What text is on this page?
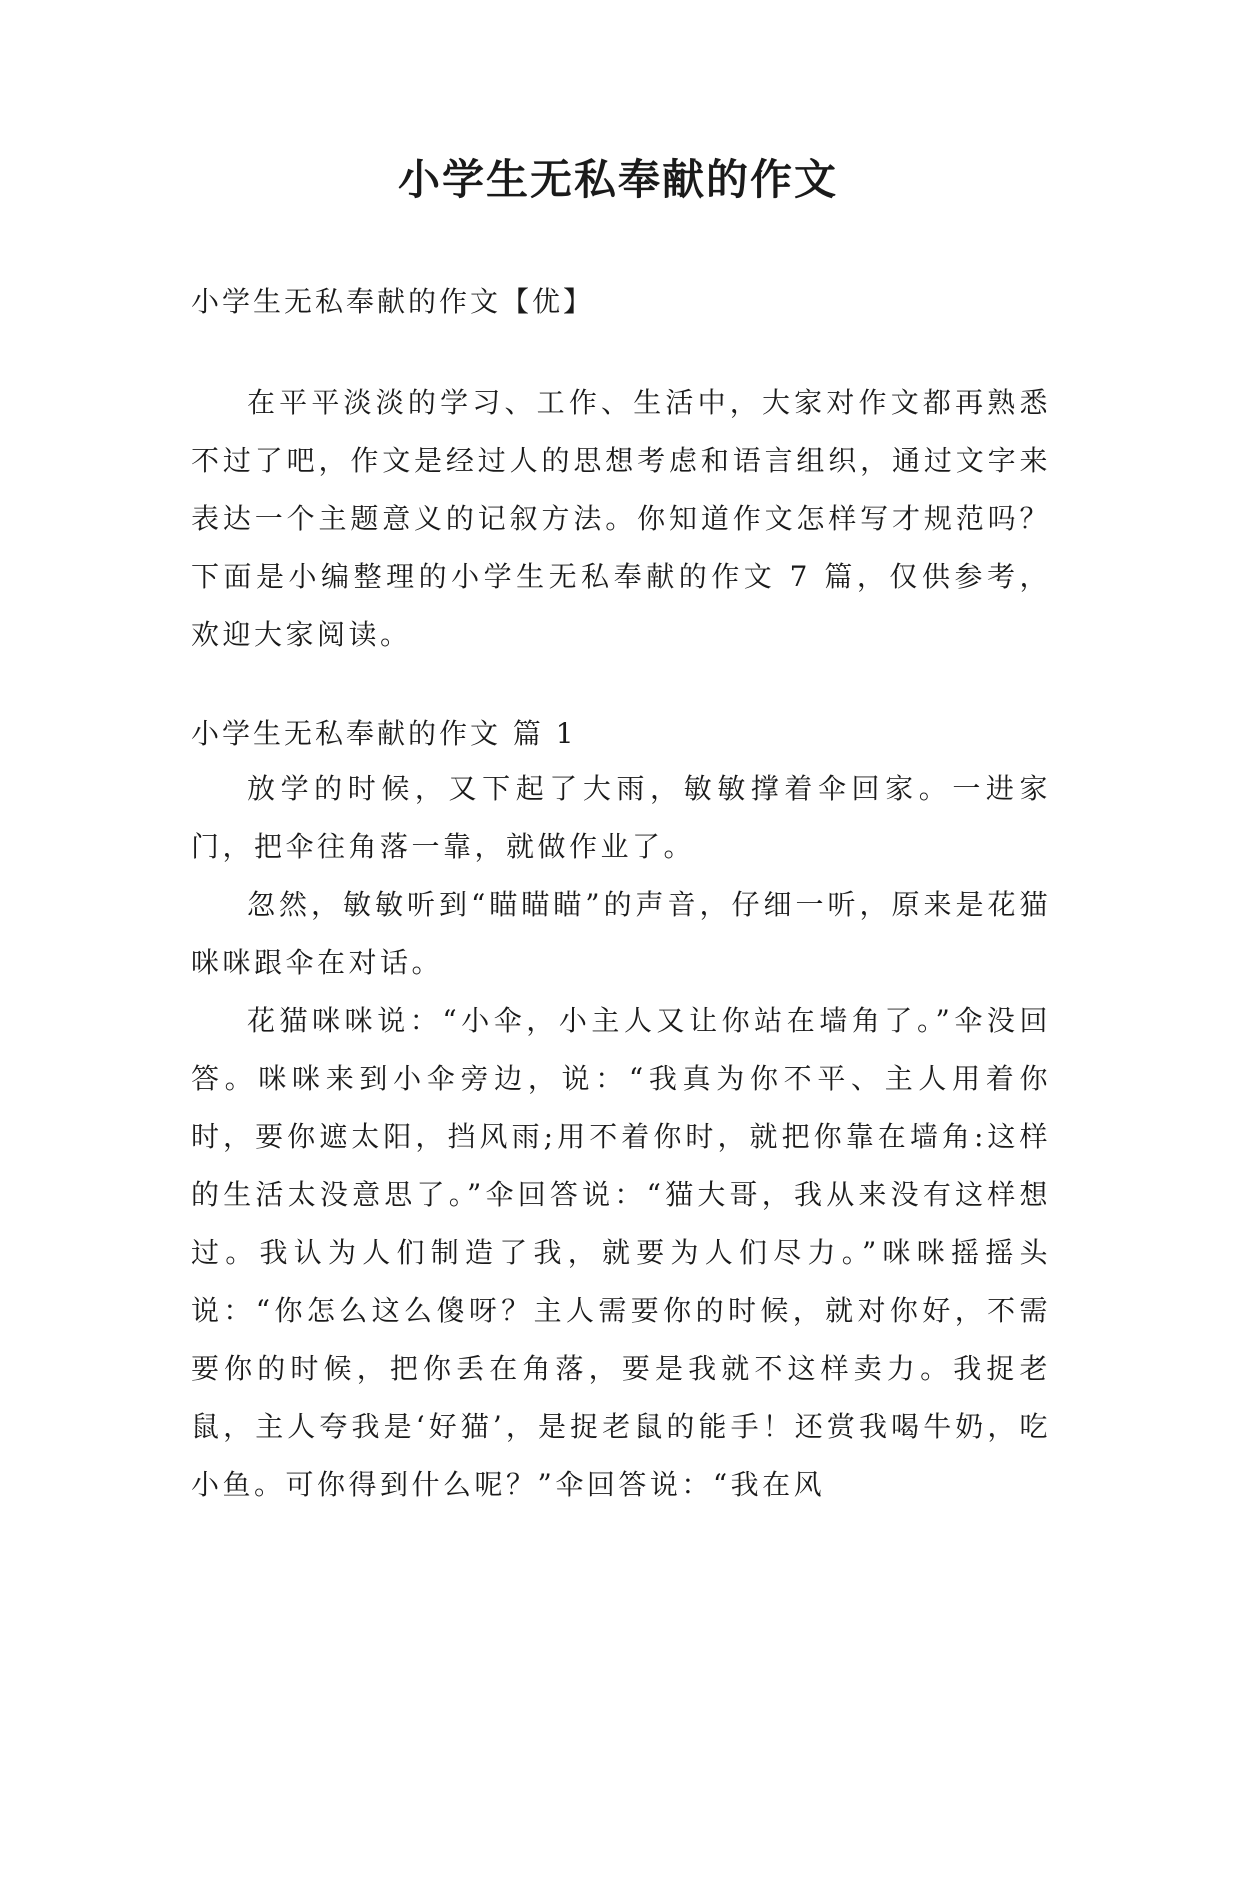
小学生无私奉献的作文
小学生无私奉献的作文【优】

在平平淡淡的学习、工作、生活中，大家对作文都再熟悉不过了吧，作文是经过人的思想考虑和语言组织，通过文字来表达一个主题意义的记叙方法。你知道作文怎样写才规范吗？下面是小编整理的小学生无私奉献的作文 7 篇，仅供参考，欢迎大家阅读。

小学生无私奉献的作文 篇 1

放学的时候，又下起了大雨，敏敏撑着伞回家。一进家门，把伞往角落一靠，就做作业了。

忽然，敏敏听到“瞄瞄瞄”的声音，仔细一听，原来是花猫咪咪跟伞在对话。

花猫咪咪说：“小伞，小主人又让你站在墙角了。”伞没回答。咪咪来到小伞旁边，说：“我真为你不平、主人用着你时，要你遮太阳，挡风雨;用不着你时，就把你靠在墙角:这样的生活太没意思了。”伞回答说：“猫大哥，我从来没有这样想过。我认为人们制造了我，就要为人们尽力。”咪咪摇摇头说：“你怎么这么傻呀？主人需要你的时候，就对你好，不需要你的时候，把你丢在角落，要是我就不这样卖力。我捉老鼠，主人夸我是‘好猫’，是捉老鼠的能手！还赏我喝牛奶，吃小鱼。可你得到什么呢？”伞回答说：“我在风
